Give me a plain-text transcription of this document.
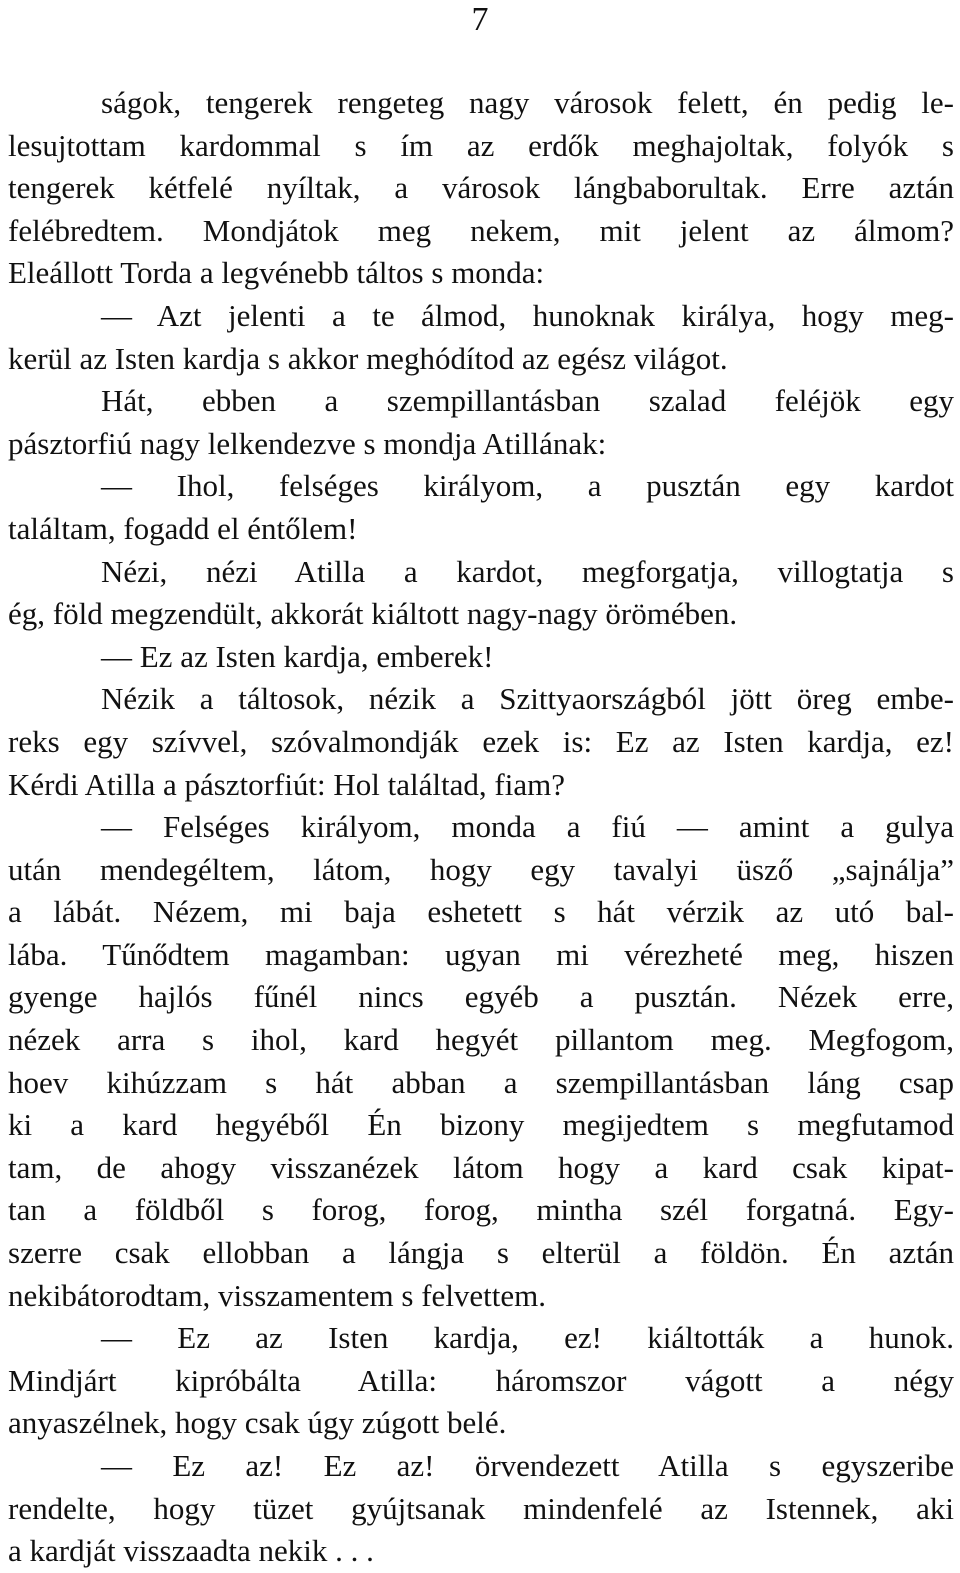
7
ságok, tengerek rengeteg nagy városok felett, én pedig le-
lesujtottam kardommal s ím az erdők meghajoltak, folyók s
tengerek kétfelé nyíltak, a városok lángbaborultak. Erre aztán
felébredtem. Mondjátok meg nekem, mit jelent az álmom?
Eleállott Torda a legvénebb táltos s monda:
— Azt jelenti a te álmod, hunoknak királya, hogy meg-
kerül az Isten kardja s akkor meghódítod az egész világot.
Hát, ebben a szempillantásban szalad feléjök egy
pásztorfiú nagy lelkendezve s mondja Atillának:
— Ihol, felséges királyom, a pusztán egy kardot
találtam, fogadd el éntőlem!
Nézi, nézi Atilla a kardot, megforgatja, villogtatja s
ég, föld megzendült, akkorát kiáltott nagy-nagy örömében.
— Ez az Isten kardja, emberek!
Nézik a táltosok, nézik a Szittyaországból jött öreg embe-
reks egy szívvel, szóvalmondják ezek is: Ez az Isten kardja, ez!
Kérdi Atilla a pásztorfiút: Hol találtad, fiam?
— Felséges királyom, monda a fiú — amint a gulya
után mendegéltem, látom, hogy egy tavalyi üsző „sajnálja”
a lábát. Nézem, mi baja eshetett s hát vérzik az utó bal-
lába. Tűnődtem magamban: ugyan mi vérezheté meg, hiszen
gyenge hajlós fűnél nincs egyéb a pusztán. Nézek erre,
nézek arra s ihol, kard hegyét pillantom meg. Megfogom,
hoev kihúzzam s hát abban a szempillantásban láng csap
ki a kard hegyéből Én bizony megijedtem s megfutamod
tam, de ahogy visszanézek látom hogy a kard csak kipat-
tan a földből s forog, forog, mintha szél forgatná. Egy-
szerre csak ellobban a lángja s elterül a földön. Én aztán
nekibátorodtam, visszamentem s felvettem.
— Ez az Isten kardja, ez! kiáltották a hunok.
Mindjárt kipróbálta Atilla: háromszor vágott a négy
anyaszélnek, hogy csak úgy zúgott belé.
— Ez az! Ez az! örvendezett Atilla s egyszeribe
rendelte, hogy tüzet gyújtsanak mindenfelé az Istennek, aki
a kardját visszaadta nekik . . .
